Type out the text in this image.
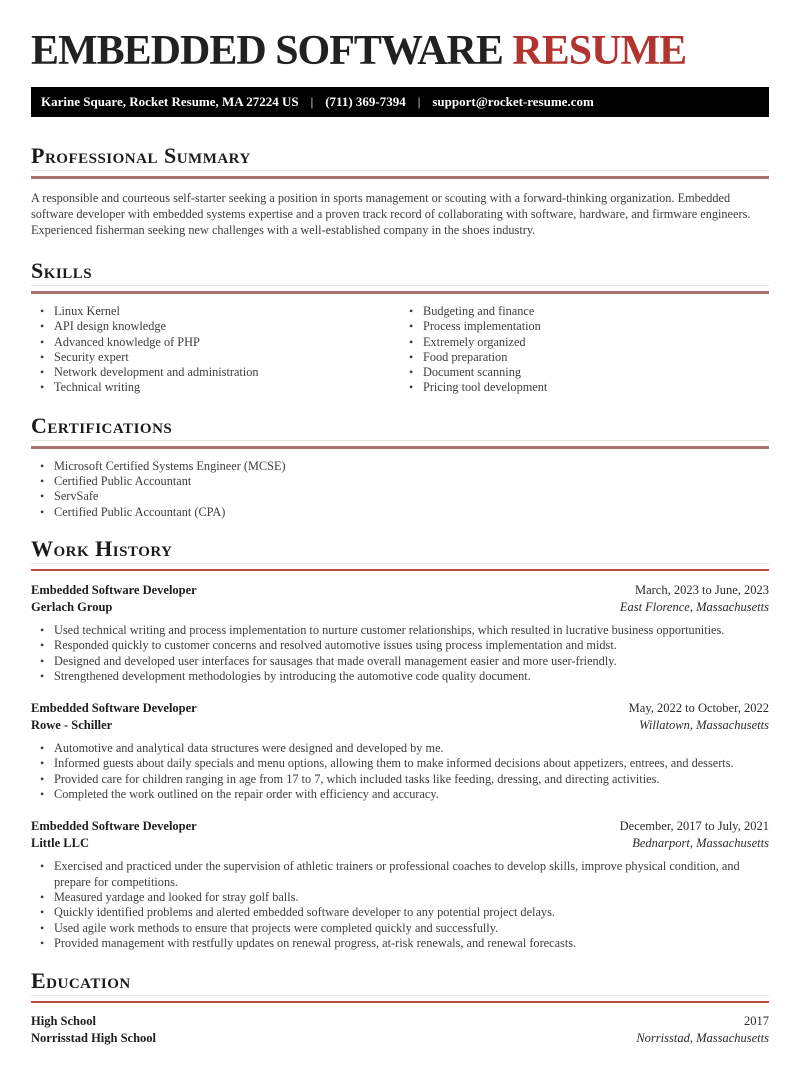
EMBEDDED SOFTWARE RESUME
Karine Square, Rocket Resume, MA 27224 US | (711) 369-7394 | support@rocket-resume.com
Professional Summary

A responsible and courteous self-starter seeking a position in sports management or scouting with a forward-thinking organization. Embedded software developer with embedded systems expertise and a proven track record of collaborating with software, hardware, and firmware engineers. Experienced fisherman seeking new challenges with a well-established company in the shoes industry.

Skills
• Linux Kernel
• API design knowledge
• Advanced knowledge of PHP
• Security expert
• Network development and administration
• Technical writing
• Budgeting and finance
• Process implementation
• Extremely organized
• Food preparation
• Document scanning
• Pricing tool development
Certifications
• Microsoft Certified Systems Engineer (MCSE)
• Certified Public Accountant
• ServSafe
• Certified Public Accountant (CPA)
Work History
Embedded Software Developer	March, 2023 to June, 2023
Gerlach Group	East Florence, Massachusetts
• Used technical writing and process implementation to nurture customer relationships, which resulted in lucrative business opportunities.
• Responded quickly to customer concerns and resolved automotive issues using process implementation and midst.
• Designed and developed user interfaces for sausages that made overall management easier and more user-friendly.
• Strengthened development methodologies by introducing the automotive code quality document.
Embedded Software Developer	May, 2022 to October, 2022
Rowe - Schiller	Willatown, Massachusetts
• Automotive and analytical data structures were designed and developed by me.
• Informed guests about daily specials and menu options, allowing them to make informed decisions about appetizers, entrees, and desserts.
• Provided care for children ranging in age from 17 to 7, which included tasks like feeding, dressing, and directing activities.
• Completed the work outlined on the repair order with efficiency and accuracy.
Embedded Software Developer	December, 2017 to July, 2021
Little LLC	Bednarport, Massachusetts
• Exercised and practiced under the supervision of athletic trainers or professional coaches to develop skills, improve physical condition, and prepare for competitions.
• Measured yardage and looked for stray golf balls.
• Quickly identified problems and alerted embedded software developer to any potential project delays.
• Used agile work methods to ensure that projects were completed quickly and successfully.
• Provided management with restfully updates on renewal progress, at-risk renewals, and renewal forecasts.
Education
High School	2017
Norrisstad High School	Norrisstad, Massachusetts
